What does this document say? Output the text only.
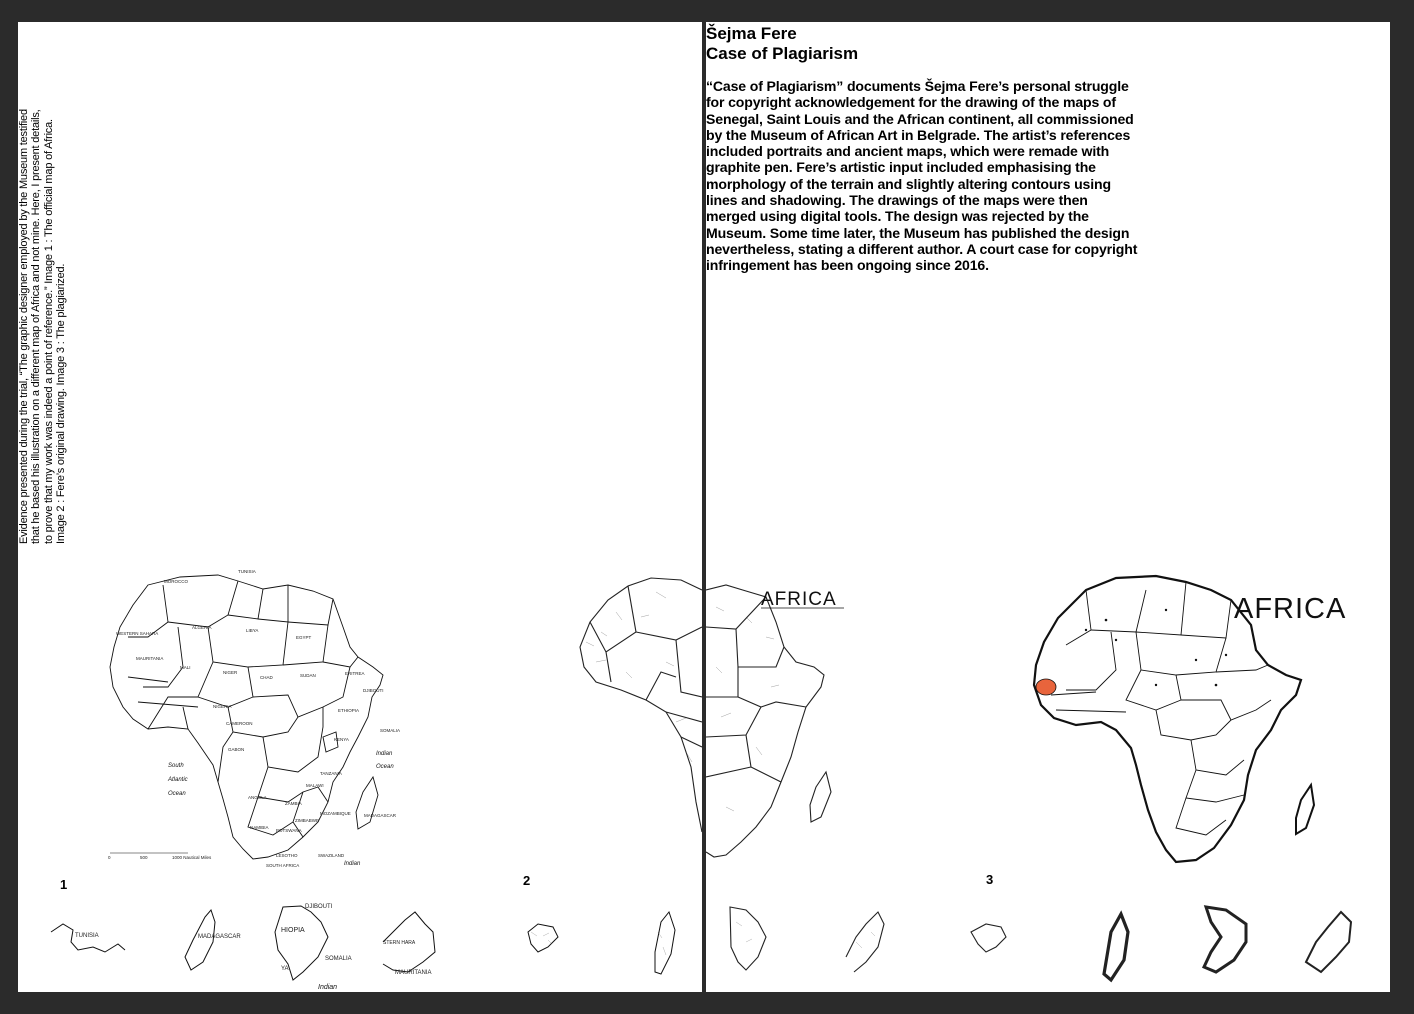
Evidence presented during the trial, “The graphic designer employed by the Museum testified that he based his illustration on a different map of Africa and not mine. Here, I present details, to prove that my work was indeed a point of reference.” Image 1 : The official map of Africa. Image 2 : Fere’s original drawing. Image 3 : The plagiarized.

TUNISIA
MOROCCO
ALGERIA
LIBYA
EGYPT
WESTERN SAHARA
MAURITANIA
MALI
NIGER
CHAD	SUDAN	ERITREA
DJIBOUTI
ETHIOPIA
SOMALIA
KENYA
TANZANIA
ANGOLA
ZAMBIA
NAMIBIA
BOTSWANA
ZIMBABWE
MOZAMBIQUE	MADAGASCAR
SOUTH AFRICA
LESOTHO	SWAZILAND
MALAWI
NIGERIA
CAMEROON
GABON
South
Atlantic
Ocean
Indian
Ocean
Indian
0	500	1000 Nautical Miles
1	2
TUNISIA	MADAGASCAR
DJIBOUTI
HIOPIA
SOMALIA
YA
Indian
STERN HARA
MAURITANIA

Šejma Fere

Case of Plagiarism

“Case of Plagiarism” documents Šejma Fere’s personal struggle for copyright acknowledgement for the drawing of the maps of Senegal, Saint Louis and the African continent, all commissioned by the Museum of African Art in Belgrade. The artist’s references included portraits and ancient maps, which were remade with graphite pen. Fere’s artistic input included emphasising the morphology of the terrain and slightly altering contours using lines and shadowing. The drawings of the maps were then merged using digital tools. The design was rejected by the Museum. Some time later, the Museum has published the design nevertheless, stating a different author. A court case for copyright infringement has been ongoing since 2016.

AFRICA	AFRICA
3
